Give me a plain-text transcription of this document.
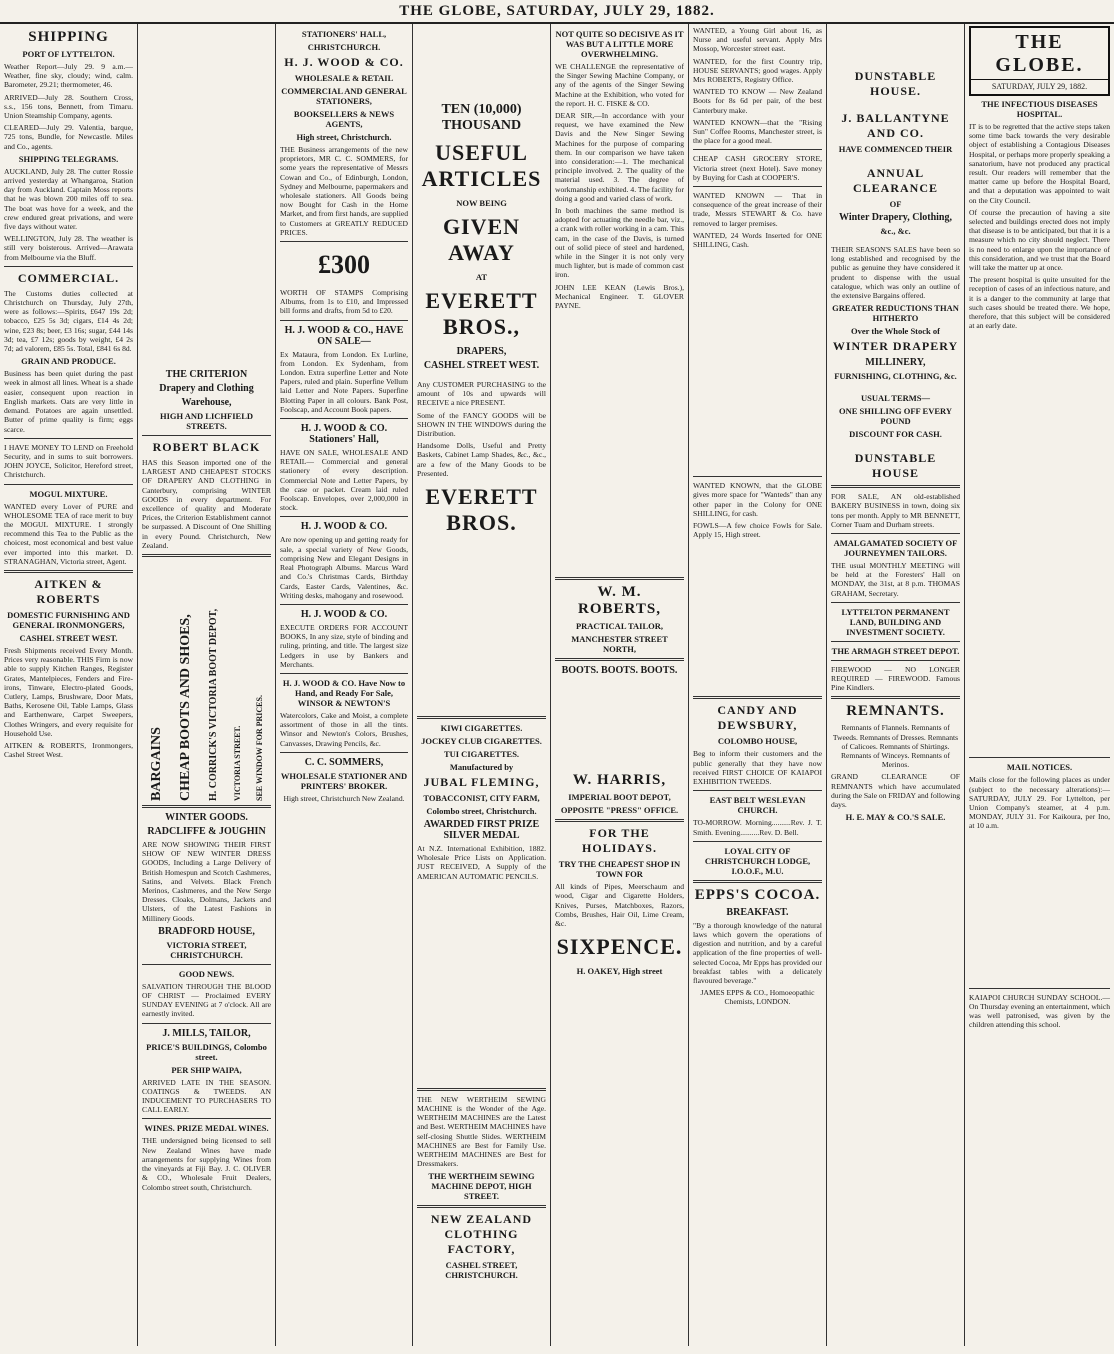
THE GLOBE, SATURDAY, JULY 29, 1882.
SHIPPING
PORT OF LYTTELTON.

Weather Report—July 29. 9 a.m.—Weather, fine sky, cloudy; wind, calm. Barometer, 29.21; thermometer, 46.

ARRIVED—July 28. Southern Cross, s.s., 156 tons, Bennett, from Timaru. Union Steamship Company, agents.

CLEARED—July 29. Valentia, barque, 725 tons, Bundle, for Newcastle. Miles and Co., agents.

SHIPPING TELEGRAMS.

AUCKLAND, July 28. The cutter Rossie arrived yesterday at Whangaroa, Station day from Auckland. Captain Moss reports that he was blown 200 miles off to sea. The boat was hove for a week, and the crew endured great privations, and were five days without water.

WELLINGTON, July 28. The weather is still very boisterous. Arrived—Arawata from Melbourne via the Bluff.

COMMERCIAL.

The Customs duties collected at Christchurch on Thursday, July 27th, were as follows:—Spirits, £647 19s 2d; tobacco, £25 5s 3d; cigars, £14 4s 2d; wine, £23 8s; beer, £3 16s; sugar, £44 14s 3d; tea, £7 12s; goods by weight, £4 2s 7d; ad valorem, £85 5s. Total, £841 6s 8d.

GRAIN AND PRODUCE.

Business has been quiet during the past week in almost all lines. Wheat is a shade easier, consequent upon reaction in English markets. Oats are very little in demand. Potatoes are again unsettled. Butter of prime quality is firm; eggs scarce.

I HAVE MONEY TO LEND on Freehold Security, and in sums to suit borrowers. JOHN JOYCE, Solicitor, Hereford street, Christchurch.

MOGUL MIXTURE.

WANTED every Lover of PURE and WHOLESOME TEA of race merit to buy the MOGUL MIXTURE. I strongly recommend this Tea to the Public as the choicest, most economical and best value ever imported into this market. D. STRANAGHAN, Victoria street, Agent.

AITKEN & ROBERTS
DOMESTIC FURNISHING AND GENERAL IRONMONGERS,
CASHEL STREET WEST.

Fresh Shipments received Every Month. Prices very reasonable. THIS Firm is now able to supply Kitchen Ranges, Register Grates, Mantelpieces, Fenders and Fire-irons, Tinware, Electro-plated Goods, Cutlery, Lamps, Brushware, Door Mats, Baths, Kerosene Oil, Table Lamps, Glass and Earthenware, Carpet Sweepers, Clothes Wringers, and every requisite for Household Use.

AITKEN & ROBERTS, Ironmongers, Cashel Street West.

THE CRITERION
Drapery and Clothing
Warehouse,
HIGH AND LICHFIELD STREETS.
ROBERT BLACK

HAS this Season imported one of the LARGEST AND CHEAPEST STOCKS OF DRAPERY AND CLOTHING in Canterbury, comprising WINTER GOODS in every department. For excellence of quality and Moderate Prices, the Criterion Establishment cannot be surpassed. A Discount of One Shilling in every Pound. Christchurch, New Zealand.

BARGAINS CHEAP BOOTS AND SHOES, H. CORRICK'S VICTORIA BOOT DEPOT, VICTORIA STREET. SEE WINDOW FOR PRICES.
WINTER GOODS.
RADCLIFFE & JOUGHIN

ARE NOW SHOWING THEIR FIRST SHOW OF NEW WINTER DRESS GOODS, Including a Large Delivery of British Homespun and Scotch Cashmeres, Satins, and Velvets. Black French Merinos, Cashmeres, and the New Serge Dresses. Cloaks, Dolmans, Jackets and Ulsters, of the Latest Fashions in Millinery Goods.

BRADFORD HOUSE,
VICTORIA STREET, CHRISTCHURCH.
GOOD NEWS.

SALVATION THROUGH THE BLOOD OF CHRIST — Proclaimed EVERY SUNDAY EVENING at 7 o'clock. All are earnestly invited.

J. MILLS, TAILOR,
PRICE'S BUILDINGS, Colombo street.
PER SHIP WAIPA,

ARRIVED LATE IN THE SEASON. COATINGS & TWEEDS. AN INDUCEMENT TO PURCHASERS TO CALL EARLY.

WINES. PRIZE MEDAL WINES.

THE undersigned being licensed to sell New Zealand Wines have made arrangements for supplying Wines from the vineyards at Fiji Bay. J. C. OLIVER & CO., Wholesale Fruit Dealers, Colombo street south, Christchurch.

STATIONERS' HALL,
CHRISTCHURCH.
H. J. WOOD & CO.
WHOLESALE & RETAIL
COMMERCIAL AND GENERAL STATIONERS,
BOOKSELLERS & NEWS AGENTS,
High street, Christchurch.

THE Business arrangements of the new proprietors, MR C. C. SOMMERS, for some years the representative of Messrs Cowan and Co., of Edinburgh, London, Sydney and Melbourne, papermakers and wholesale stationers. All Goods being now Bought for Cash in the Home Market, and from first hands, are supplied to Customers at GREATLY REDUCED PRICES.

£300

WORTH OF STAMPS Comprising Albums, from 1s to £10, and Impressed bill forms and drafts, from 5d to £20.

H. J. WOOD & CO., HAVE ON SALE—

Ex Mataura, from London. Ex Lurline, from London. Ex Sydenham, from London. Extra superfine Letter and Note Papers, ruled and plain. Superfine Vellum laid Letter and Note Papers. Superfine Blotting Paper in all colours. Bank Post, Foolscap, and Account Book papers.

H. J. WOOD & CO. Stationers' Hall,

HAVE ON SALE, WHOLESALE AND RETAIL— Commercial and general stationery of every description. Commercial Note and Letter Papers, by the case or packet. Cream laid ruled Foolscap. Envelopes, over 2,000,000 in stock.

H. J. WOOD & CO.

Are now opening up and getting ready for sale, a special variety of New Goods, comprising New and Elegant Designs in Real Photograph Albums. Marcus Ward and Co.'s Christmas Cards, Birthday Cards, Easter Cards, Valentines, &c. Writing desks, mahogany and rosewood.

H. J. WOOD & CO.

EXECUTE ORDERS FOR ACCOUNT BOOKS, In any size, style of binding and ruling, printing, and title. The largest size Ledgers in use by Bankers and Merchants.

H. J. WOOD & CO. Have Now to Hand, and Ready For Sale, WINSOR & NEWTON'S

Watercolors, Cake and Moist, a complete assortment of those in all the tints. Winsor and Newton's Colors, Brushes, Canvasses, Drawing Pencils, &c.

C. C. SOMMERS,
WHOLESALE STATIONER AND PRINTERS' BROKER.

High street, Christchurch New Zealand.

TEN (10,000) THOUSAND
USEFUL ARTICLES
NOW BEING
GIVEN AWAY
AT
EVERETT BROS.,
DRAPERS,
CASHEL STREET WEST.

Any CUSTOMER PURCHASING to the amount of 10s and upwards will RECEIVE a nice PRESENT.

Some of the FANCY GOODS will be SHOWN IN THE WINDOWS during the Distribution.

Handsome Dolls, Useful and Pretty Baskets, Cabinet Lamp Shades, &c., &c., are a few of the Many Goods to be Presented.

EVERETT BROS.
KIWI CIGARETTES.
JOCKEY CLUB CIGARETTES.
TUI CIGARETTES.
Manufactured by
JUBAL FLEMING,
TOBACCONIST, CITY FARM,
Colombo street, Christchurch.
AWARDED FIRST PRIZE SILVER MEDAL

At N.Z. International Exhibition, 1882. Wholesale Price Lists on Application. JUST RECEIVED, A Supply of the AMERICAN AUTOMATIC PENCILS.

THE NEW WERTHEIM SEWING MACHINE is the Wonder of the Age. WERTHEIM MACHINES are the Latest and Best. WERTHEIM MACHINES have self-closing Shuttle Slides. WERTHEIM MACHINES are Best for Family Use. WERTHEIM MACHINES are Best for Dressmakers.

THE WERTHEIM SEWING MACHINE DEPOT, HIGH STREET.
NEW ZEALAND CLOTHING FACTORY,
CASHEL STREET, CHRISTCHURCH.
NOT QUITE SO DECISIVE AS IT WAS BUT A LITTLE MORE OVERWHELMING.

WE CHALLENGE the representative of the Singer Sewing Machine Company, or any of the agents of the Singer Sewing Machine at the Exhibition, who voted for the report. H. C. FISKE & CO.

DEAR SIR,—In accordance with your request, we have examined the New Davis and the New Singer Sewing Machines for the purpose of comparing them. In our comparison we have taken into consideration:—1. The mechanical principle involved. 2. The quality of the material used. 3. The degree of workmanship exhibited. 4. The facility for doing a good and varied class of work.

In both machines the same method is adopted for actuating the needle bar, viz., a crank with roller working in a cam. This cam, in the case of the Davis, is turned out of solid piece of steel and hardened, while in the Singer it is not only very much lighter, but is made of common cast iron.

JOHN LEE KEAN (Lewis Bros.), Mechanical Engineer. T. GLOVER PAYNE.

W. M. ROBERTS,
PRACTICAL TAILOR,
MANCHESTER STREET NORTH,
BOOTS. BOOTS. BOOTS.
W. HARRIS,
IMPERIAL BOOT DEPOT,
OPPOSITE "PRESS" OFFICE.
FOR THE HOLIDAYS.
TRY THE CHEAPEST SHOP IN TOWN FOR

All kinds of Pipes, Meerschaum and wood, Cigar and Cigarette Holders, Knives, Purses, Matchboxes, Razors, Combs, Brushes, Hair Oil, Lime Cream, &c.

SIXPENCE.
H. OAKEY, High street

WANTED, a Young Girl about 16, as Nurse and useful servant. Apply Mrs Mossop, Worcester street east.

WANTED, for the first Country trip, HOUSE SERVANTS; good wages. Apply Mrs ROBERTS, Registry Office.

WANTED TO KNOW — New Zealand Boots for 8s 6d per pair, of the best Canterbury make.

WANTED KNOWN—that the "Rising Sun" Coffee Rooms, Manchester street, is the place for a good meal.

CHEAP CASH GROCERY STORE, Victoria street (next Hotel). Save money by Buying for Cash at COOPER'S.

WANTED KNOWN — That in consequence of the great increase of their trade, Messrs STEWART & Co. have removed to larger premises.

WANTED, 24 Words Inserted for ONE SHILLING, Cash.

WANTED KNOWN, that the GLOBE gives more space for "Wanteds" than any other paper in the Colony for ONE SHILLING, for cash.

FOWLS—A few choice Fowls for Sale. Apply 15, High street.

CANDY AND DEWSBURY,
COLOMBO HOUSE,

Beg to inform their customers and the public generally that they have now received FIRST CHOICE OF KAIAPOI EXHIBITION TWEEDS.

EAST BELT WESLEYAN CHURCH.

TO-MORROW. Morning..........Rev. J. T. Smith. Evening..........Rev. D. Bell.

LOYAL CITY OF CHRISTCHURCH LODGE, I.O.O.F., M.U.
EPPS'S COCOA.
BREAKFAST.

"By a thorough knowledge of the natural laws which govern the operations of digestion and nutrition, and by a careful application of the fine properties of well-selected Cocoa, Mr Epps has provided our breakfast tables with a delicately flavoured beverage."

JAMES EPPS & CO., Homoeopathic Chemists, LONDON.

DUNSTABLE HOUSE.
J. BALLANTYNE AND CO.
HAVE COMMENCED THEIR
ANNUAL CLEARANCE
OF
Winter Drapery, Clothing,
&c., &c.

THEIR SEASON'S SALES have been so long established and recognised by the public as genuine they have considered it prudent to dispense with the usual catalogue, which was only an outline of the extensive Bargains offered.

GREATER REDUCTIONS THAN HITHERTO
Over the Whole Stock of
WINTER DRAPERY
MILLINERY,
FURNISHING, CLOTHING, &c.
USUAL TERMS—
ONE SHILLING OFF EVERY POUND
DISCOUNT FOR CASH.
DUNSTABLE HOUSE

FOR SALE, AN old-established BAKERY BUSINESS in town, doing six tons per month. Apply to MR BENNETT, Corner Tuam and Durham streets.

AMALGAMATED SOCIETY OF JOURNEYMEN TAILORS.

THE usual MONTHLY MEETING will be held at the Foresters' Hall on MONDAY, the 31st, at 8 p.m. THOMAS GRAHAM, Secretary.

LYTTELTON PERMANENT LAND, BUILDING AND INVESTMENT SOCIETY.
THE ARMAGH STREET DEPOT.

FIREWOOD — NO LONGER REQUIRED — FIREWOOD. Famous Pine Kindlers.

REMNANTS.

Remnants of Flannels. Remnants of Tweeds. Remnants of Dresses. Remnants of Calicoes. Remnants of Shirtings. Remnants of Winceys. Remnants of Merinos.

GRAND CLEARANCE OF REMNANTS which have accumulated during the Sale on FRIDAY and following days.

H. E. MAY & CO.'S SALE.
THE GLOBE.
SATURDAY, JULY 29, 1882.
THE INFECTIOUS DISEASES HOSPITAL.

IT is to be regretted that the active steps taken some time back towards the very desirable object of establishing a Contagious Diseases Hospital, or perhaps more properly speaking a sanatorium, have not produced any practical result. Our readers will remember that the matter came up before the Hospital Board, and that a deputation was appointed to wait on the City Council.

Of course the precaution of having a site selected and buildings erected does not imply that disease is to be anticipated, but that it is a measure which no city should neglect. There is no need to enlarge upon the importance of this consideration, and we trust that the Board will take the matter up at once.

The present hospital is quite unsuited for the reception of cases of an infectious nature, and it is a danger to the community at large that such cases should be treated there. We hope, therefore, that this subject will be considered at an early date.

MAIL NOTICES.

Mails close for the following places as under (subject to the necessary alterations):— SATURDAY, JULY 29. For Lyttelton, per Union Company's steamer, at 4 p.m. MONDAY, JULY 31. For Kaikoura, per Ino, at 10 a.m.

KAIAPOI CHURCH SUNDAY SCHOOL.—On Thursday evening an entertainment, which was well patronised, was given by the children attending this school.
